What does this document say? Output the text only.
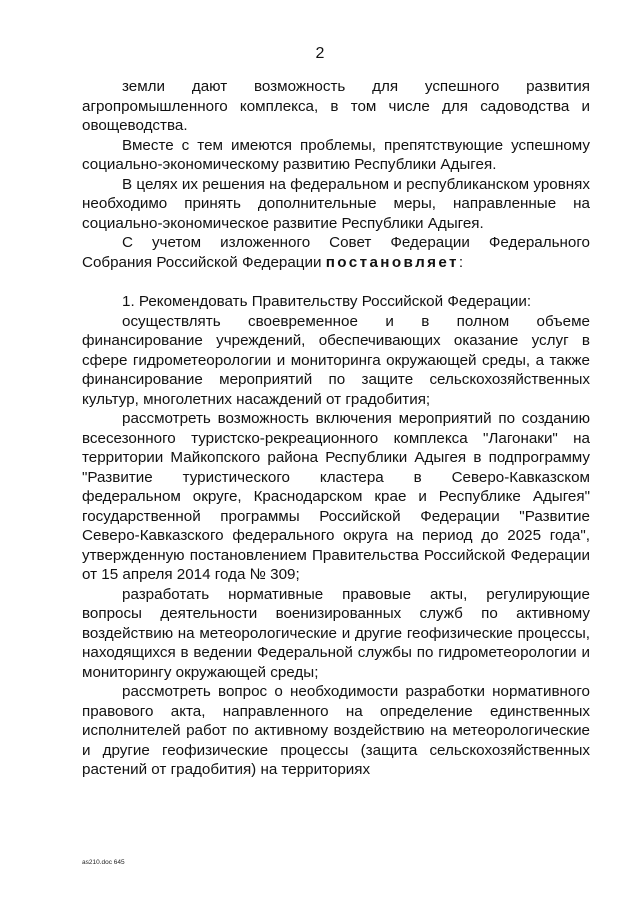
2

земли дают возможность для успешного развития агропромышленного комплекса, в том числе для садоводства и овощеводства.

Вместе с тем имеются проблемы, препятствующие успешному социально-экономическому развитию Республики Адыгея.

В целях их решения на федеральном и республиканском уровнях необходимо принять дополнительные меры, направленные на социально-экономическое развитие Республики Адыгея.

С учетом изложенного Совет Федерации Федерального Собрания Российской Федерации постановляет:

1. Рекомендовать Правительству Российской Федерации:

осуществлять своевременное и в полном объеме финансирование учреждений, обеспечивающих оказание услуг в сфере гидрометеорологии и мониторинга окружающей среды, а также финансирование мероприятий по защите сельскохозяйственных культур, многолетних насаждений от градобития;

рассмотреть возможность включения мероприятий по созданию всесезонного туристско-рекреационного комплекса "Лагонаки" на территории Майкопского района Республики Адыгея в подпрограмму "Развитие туристического кластера в Северо-Кавказском федеральном округе, Краснодарском крае и Республике Адыгея" государственной программы Российской Федерации "Развитие Северо-Кавказского федерального округа на период до 2025 года", утвержденную постановлением Правительства Российской Федерации от 15 апреля 2014 года № 309;

разработать нормативные правовые акты, регулирующие вопросы деятельности военизированных служб по активному воздействию на метеорологические и другие геофизические процессы, находящихся в ведении Федеральной службы по гидрометеорологии и мониторингу окружающей среды;

рассмотреть вопрос о необходимости разработки нормативного правового акта, направленного на определение единственных исполнителей работ по активному воздействию на метеорологические и другие геофизические процессы (защита сельскохозяйственных растений от градобития) на территориях

as210.doc 645
